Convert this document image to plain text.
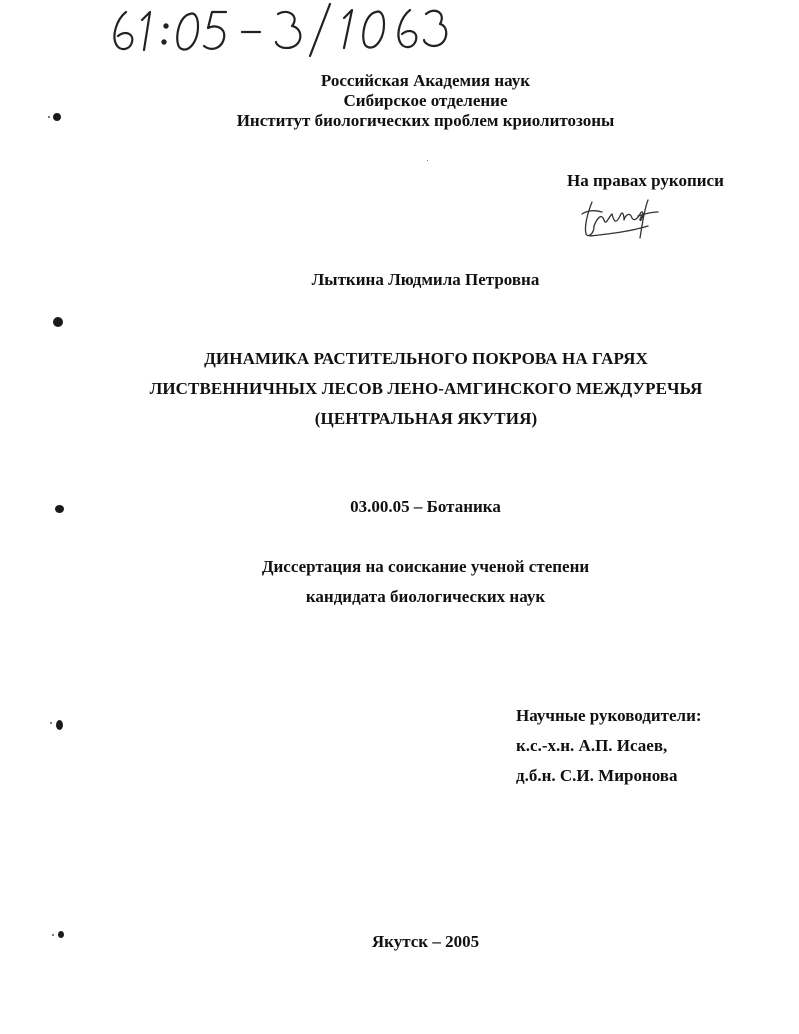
Российская Академия наук
Сибирское отделение
Институт биологических проблем криолитозоны
На правах рукописи
Лыткина Людмила Петровна
ДИНАМИКА РАСТИТЕЛЬНОГО ПОКРОВА НА ГАРЯХ
ЛИСТВЕННИЧНЫХ ЛЕСОВ ЛЕНО-АМГИНСКОГО МЕЖДУРЕЧЬЯ
(ЦЕНТРАЛЬНАЯ ЯКУТИЯ)
03.00.05 – Ботаника
Диссертация на соискание ученой степени
кандидата биологических наук
Научные руководители:
к.с.-х.н. А.П. Исаев,
д.б.н. С.И. Миронова
Якутск – 2005
